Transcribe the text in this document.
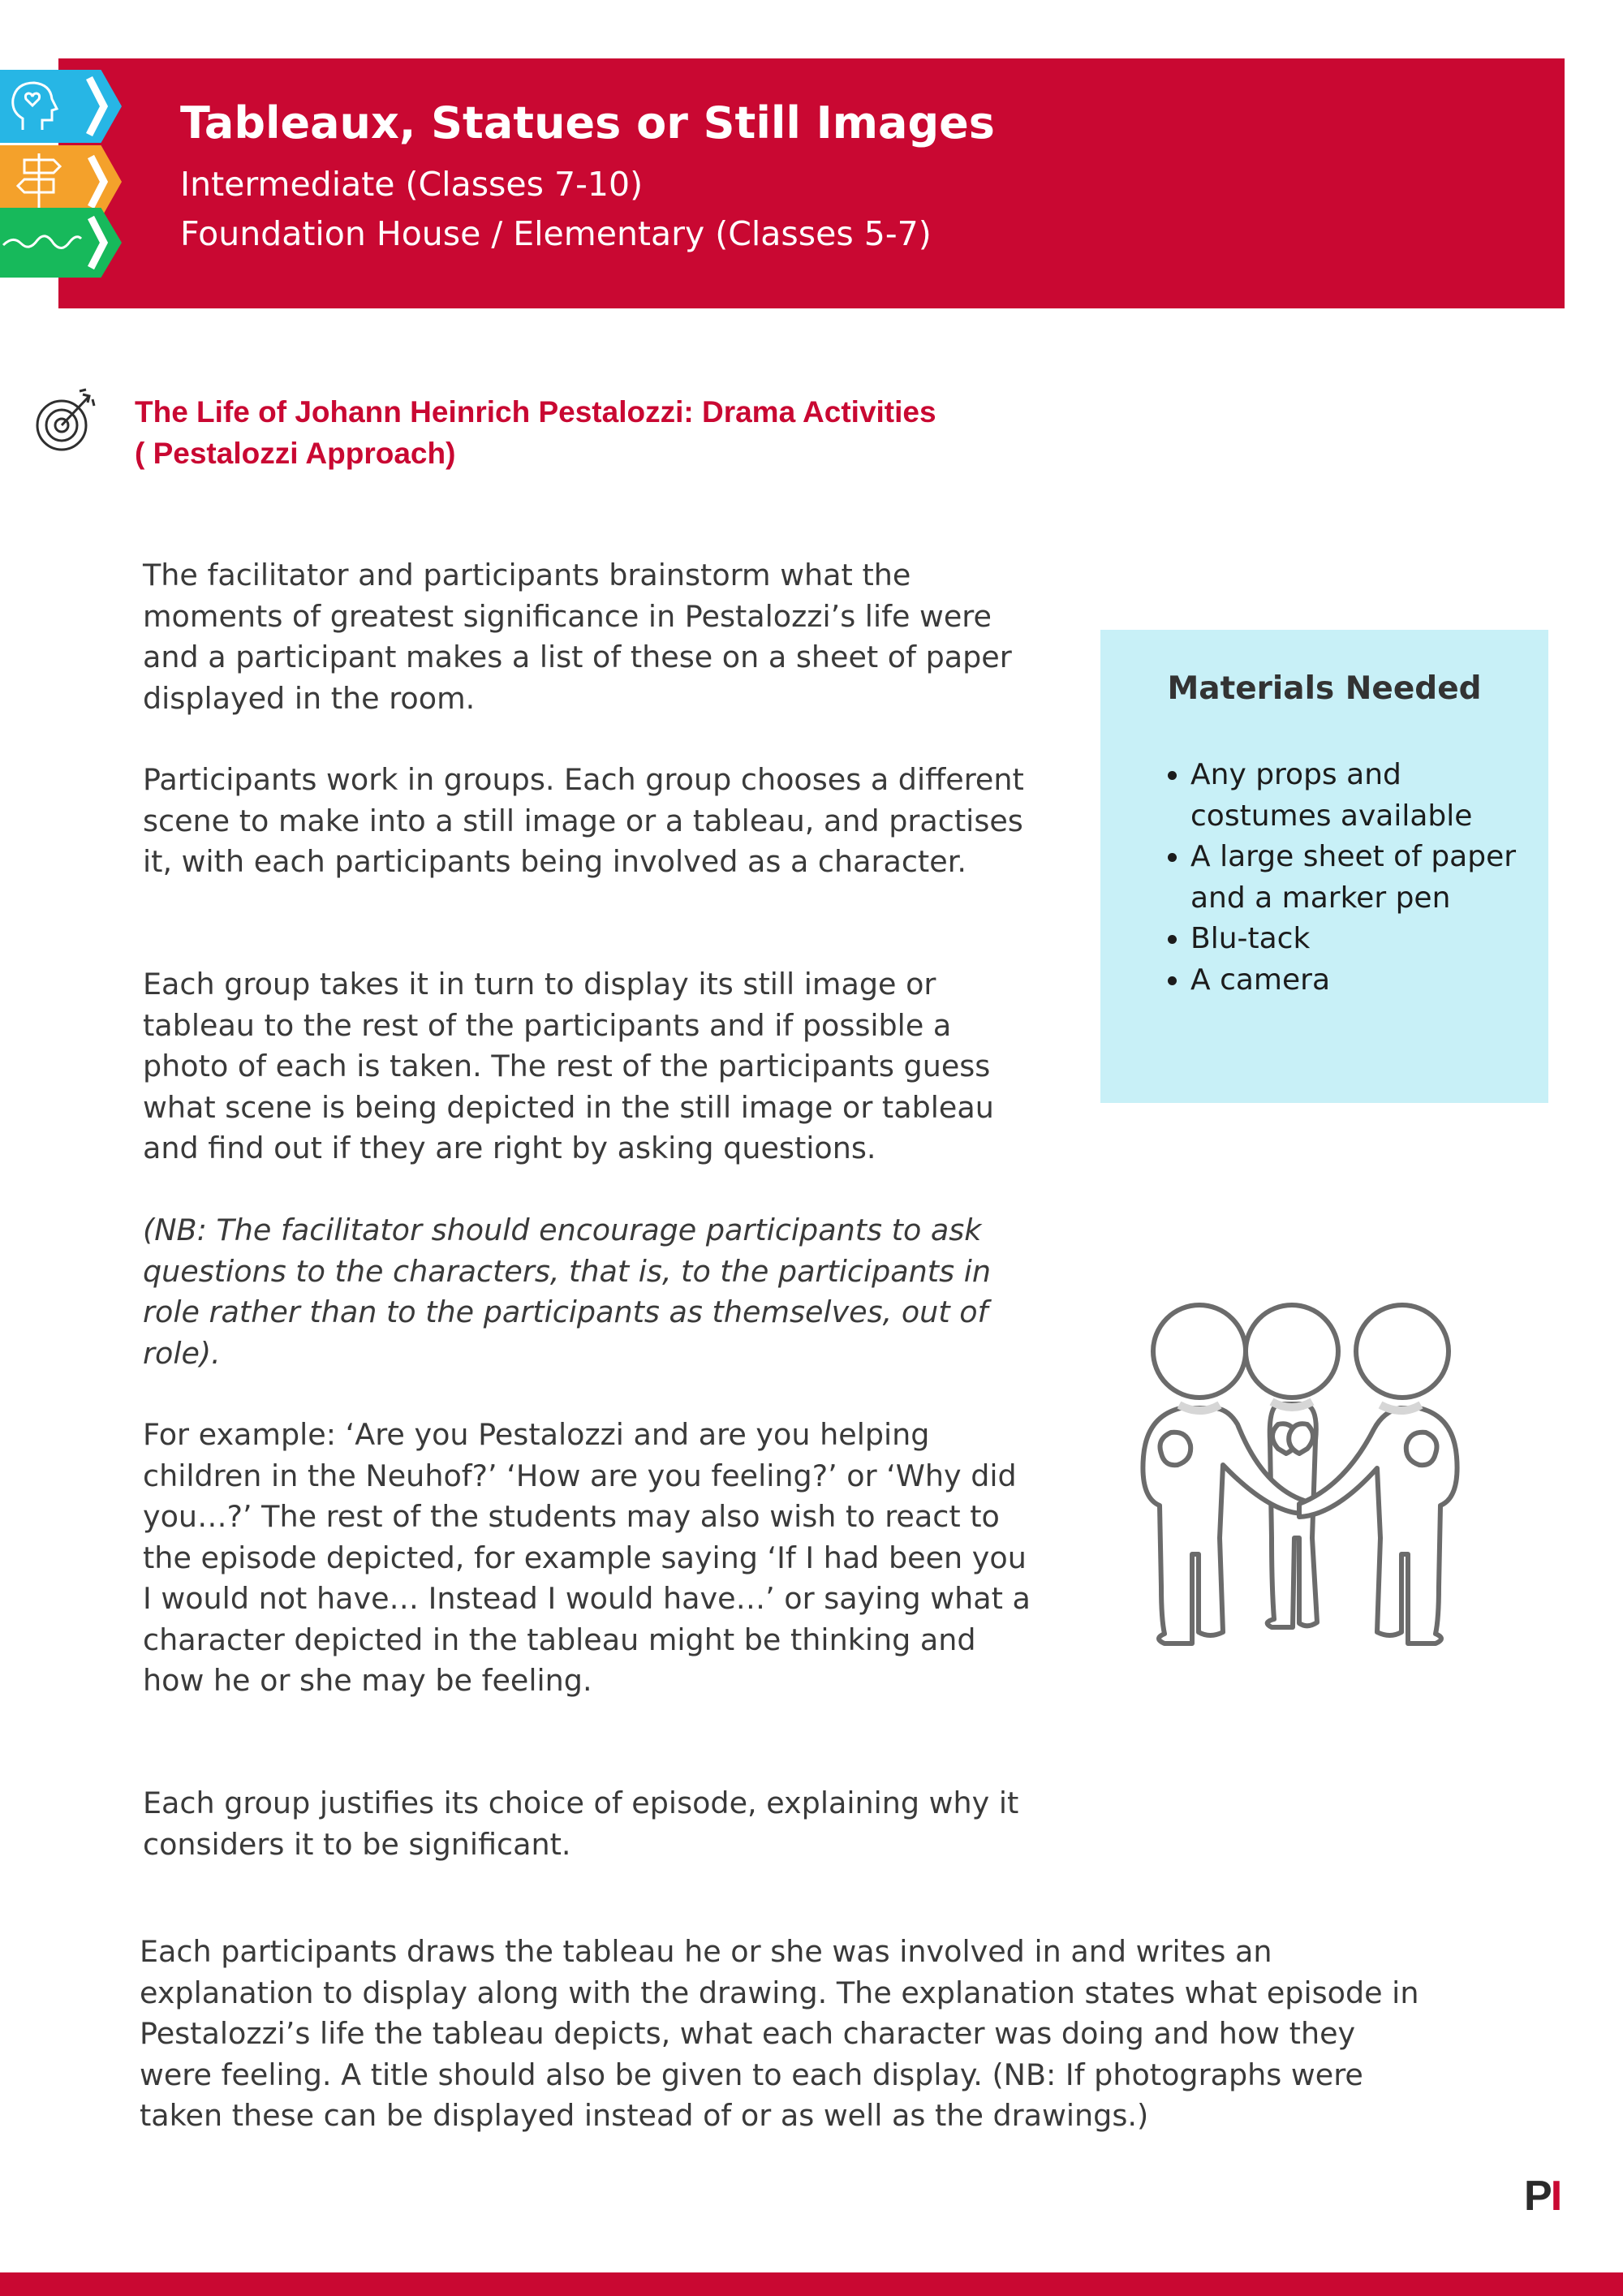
Tableaux, Statues or Still Images

Intermediate (Classes 7-10)

Foundation House / Elementary (Classes 5-7)

The Life of Johann Heinrich Pestalozzi: Drama Activities
( Pestalozzi Approach)

The facilitator and participants brainstorm what the moments of greatest significance in Pestalozzi’s life were and a participant makes a list of these on a sheet of paper displayed in the room.

Participants work in groups. Each group chooses a different scene to make into a still image or a tableau, and practises it, with each participants being involved as a character.

Each group takes it in turn to display its still image or tableau to the rest of the participants and if possible a photo of each is taken. The rest of the participants guess what scene is being depicted in the still image or tableau and find out if they are right by asking questions.

(NB: The facilitator should encourage participants to ask questions to the characters, that is, to the participants in role rather than to the participants as themselves, out of role).

For example: ‘Are you Pestalozzi and are you helping children in the Neuhof?’ ‘How are you feeling?’ or ‘Why did you…?’ The rest of the students may also wish to react to the episode depicted, for example saying ‘If I had been you I would not have… Instead I would have…’ or saying what a character depicted in the tableau might be thinking and how he or she may be feeling.

Each group justifies its choice of episode, explaining why it considers it to be significant.

Each participants draws the tableau he or she was involved in and writes an explanation to display along with the drawing. The explanation states what episode in Pestalozzi’s life the tableau depicts, what each character was doing and how they were feeling. A title should also be given to each display. (NB: If photographs were taken these can be displayed instead of or as well as the drawings.)

Materials Needed
• Any props and costumes available
• A large sheet of paper and a marker pen
• Blu-tack
• A camera
PI
